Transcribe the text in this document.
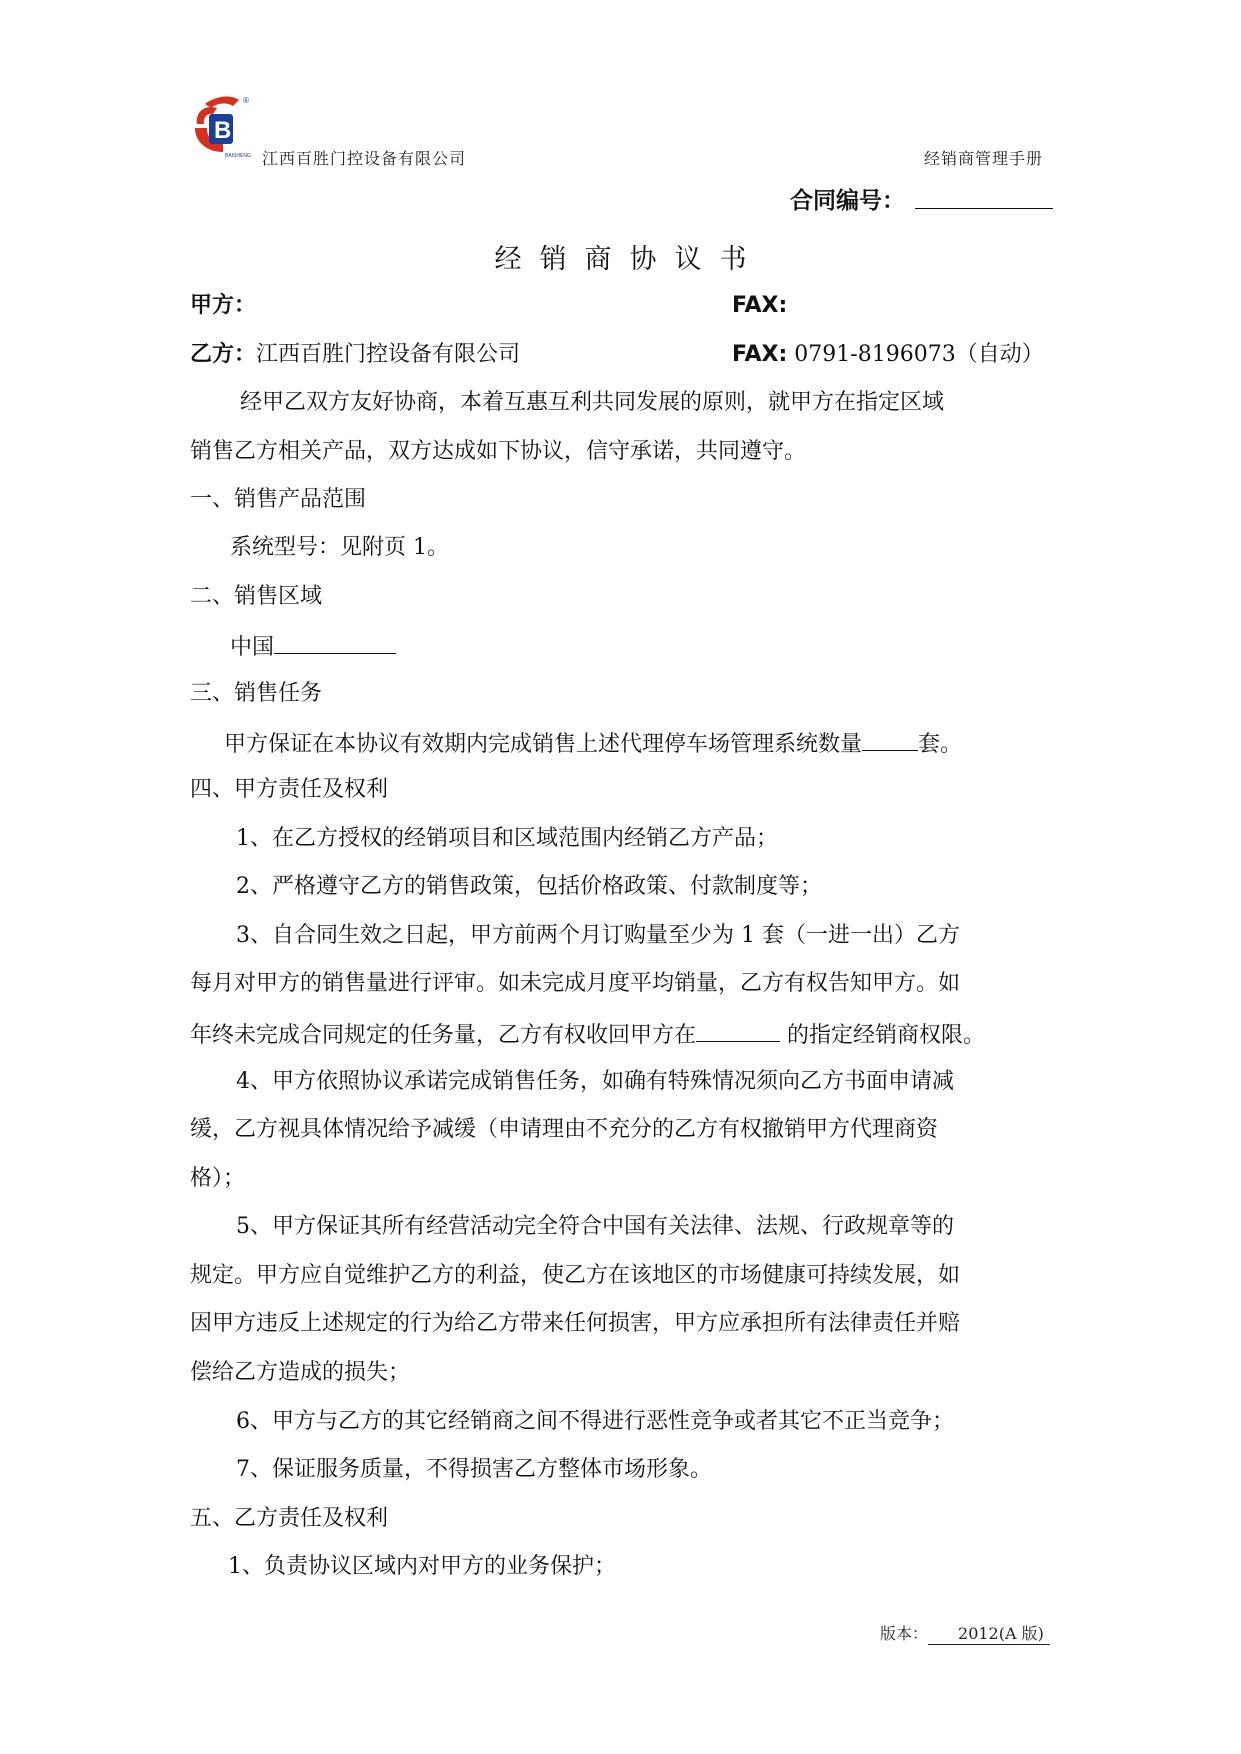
B
BAISHENG
®
江西百胜门控设备有限公司	经销商管理手册
合同编号：
经销商协议书
甲方：	FAX:
乙方：江西百胜门控设备有限公司	FAX: 0791-8196073（自动）
经甲乙双方友好协商，本着互惠互利共同发展的原则，就甲方在指定区域
销售乙方相关产品，双方达成如下协议，信守承诺，共同遵守。
一、销售产品范围
系统型号：见附页 1。
二、销售区域
中国
三、销售任务
甲方保证在本协议有效期内完成销售上述代理停车场管理系统数量	套。
四、甲方责任及权利
1、在乙方授权的经销项目和区域范围内经销乙方产品；
2、严格遵守乙方的销售政策，包括价格政策、付款制度等；
3、自合同生效之日起，甲方前两个月订购量至少为 1 套（一进一出）乙方
每月对甲方的销售量进行评审。如未完成月度平均销量，乙方有权告知甲方。如
年终未完成合同规定的任务量，乙方有权收回甲方在	的指定经销商权限。
4、甲方依照协议承诺完成销售任务，如确有特殊情况须向乙方书面申请减
缓，乙方视具体情况给予减缓（申请理由不充分的乙方有权撤销甲方代理商资
格）；
5、甲方保证其所有经营活动完全符合中国有关法律、法规、行政规章等的
规定。甲方应自觉维护乙方的利益，使乙方在该地区的市场健康可持续发展，如
因甲方违反上述规定的行为给乙方带来任何损害，甲方应承担所有法律责任并赔
偿给乙方造成的损失；
6、甲方与乙方的其它经销商之间不得进行恶性竞争或者其它不正当竞争；
7、保证服务质量，不得损害乙方整体市场形象。
五、乙方责任及权利
1、负责协议区域内对甲方的业务保护；
版本： 2012(A 版)
